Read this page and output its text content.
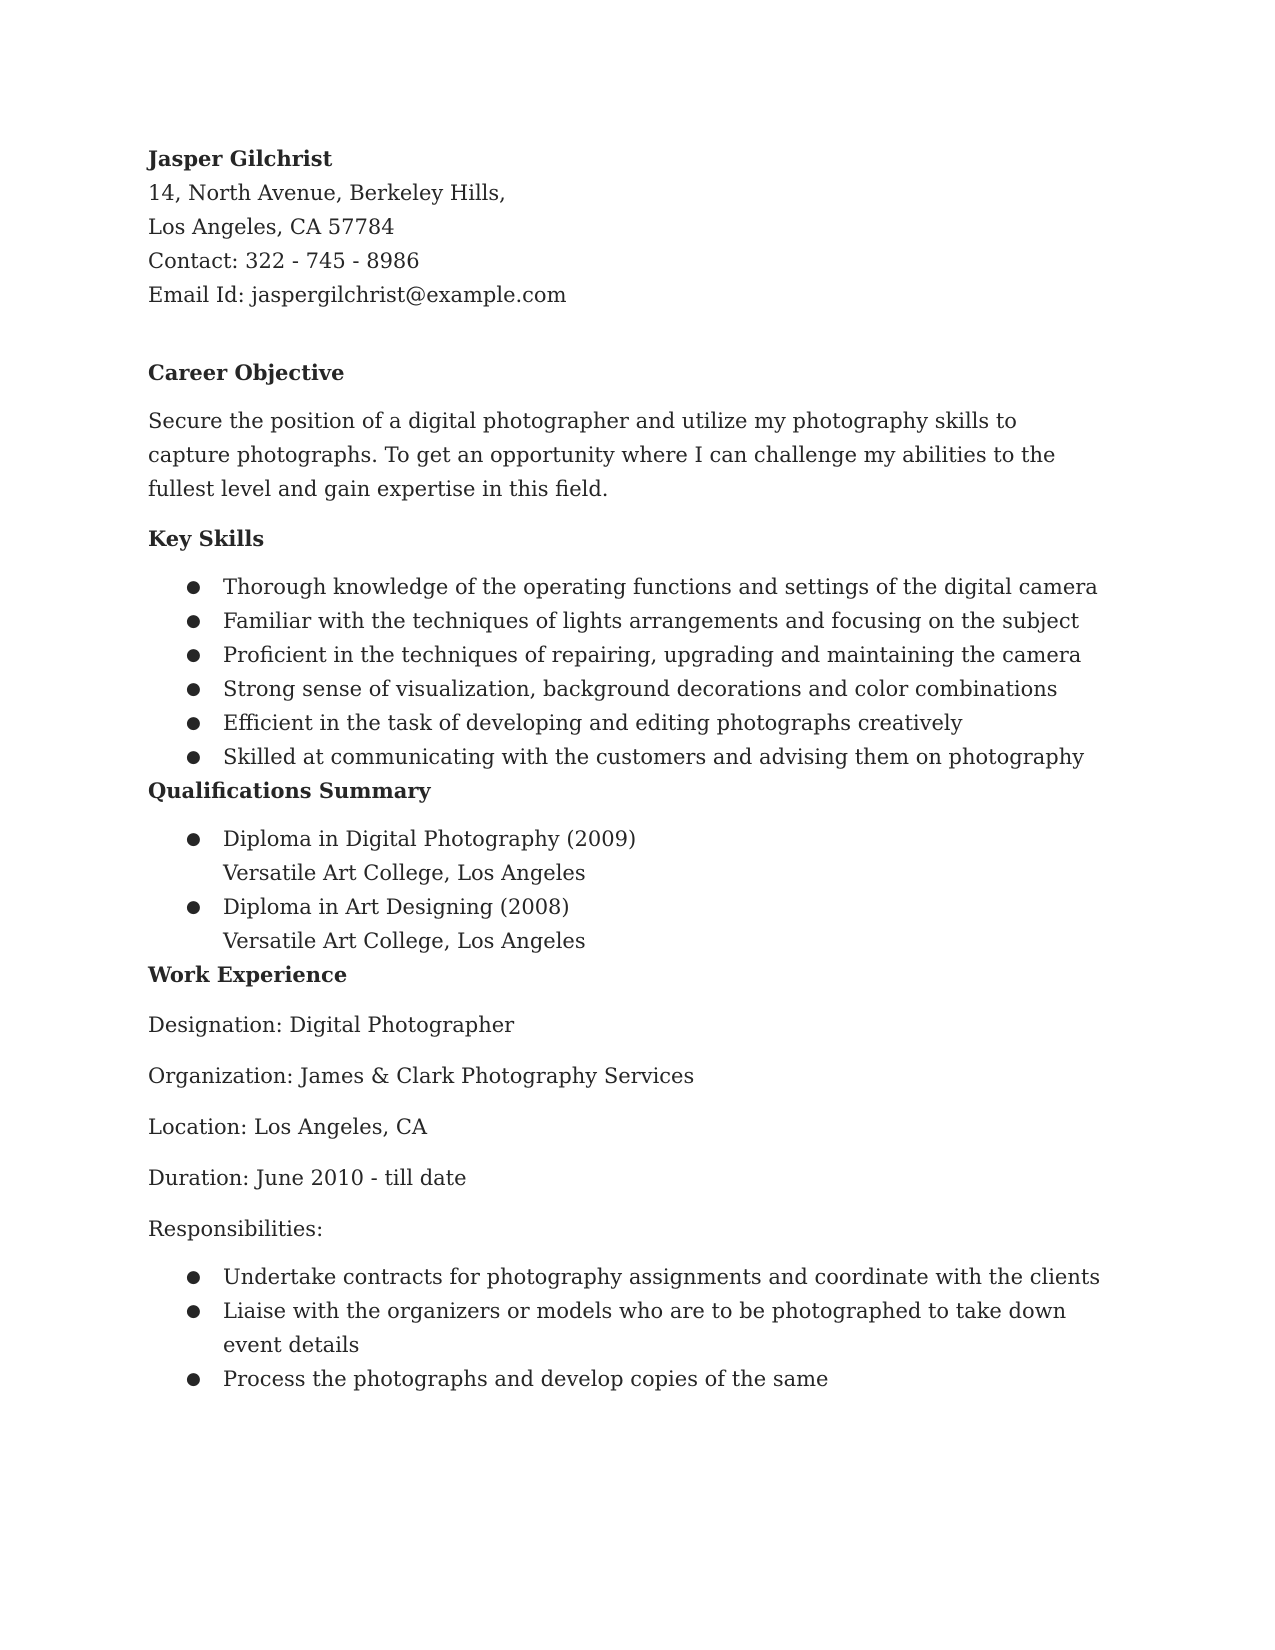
Jasper Gilchrist
14, North Avenue, Berkeley Hills,
Los Angeles, CA 57784
Contact: 322 - 745 - 8986
Email Id: jaspergilchrist@example.com
Career Objective
Secure the position of a digital photographer and utilize my photography skills to
capture photographs. To get an opportunity where I can challenge my abilities to the
fullest level and gain expertise in this field.
Key Skills
● Thorough knowledge of the operating functions and settings of the digital camera
● Familiar with the techniques of lights arrangements and focusing on the subject
● Proficient in the techniques of repairing, upgrading and maintaining the camera
● Strong sense of visualization, background decorations and color combinations
● Efficient in the task of developing and editing photographs creatively
● Skilled at communicating with the customers and advising them on photography
Qualifications Summary
● Diploma in Digital Photography (2009)
Versatile Art College, Los Angeles
● Diploma in Art Designing (2008)
Versatile Art College, Los Angeles
Work Experience
Designation: Digital Photographer
Organization: James & Clark Photography Services
Location: Los Angeles, CA
Duration: June 2010 - till date
Responsibilities:
● Undertake contracts for photography assignments and coordinate with the clients
● Liaise with the organizers or models who are to be photographed to take down
event details
● Process the photographs and develop copies of the same
